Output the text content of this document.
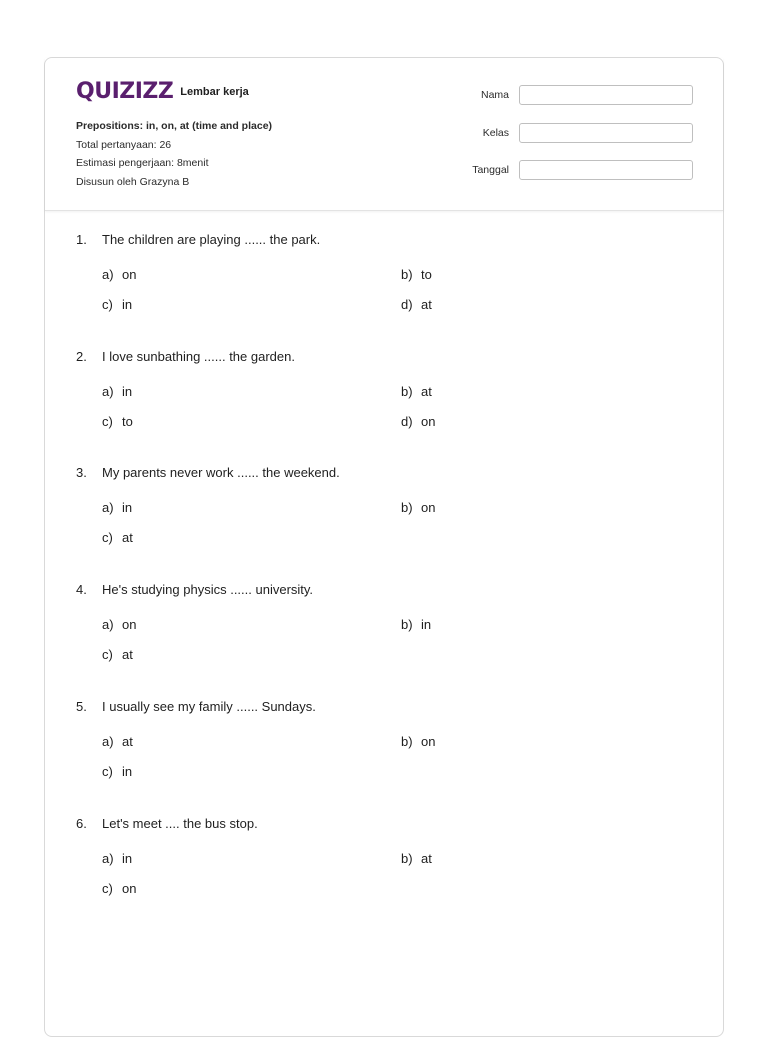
QUIZIZZ Lembar kerja
Prepositions: in, on, at (time and place)
Total pertanyaan: 26
Estimasi pengerjaan: 8menit
Disusun oleh Grazyna B
Nama
Kelas
Tanggal
1.	The children are playing ...... the park.
a) on	b) to
c) in	d) at
2.	I love sunbathing ...... the garden.
a) in	b) at
c) to	d) on
3.	My parents never work ...... the weekend.
a) in	b) on
c) at
4.	He's studying physics ...... university.
a) on	b) in
c) at
5.	I usually see my family ...... Sundays.
a) at	b) on
c) in
6.	Let's meet .... the bus stop.
a) in	b) at
c) on
